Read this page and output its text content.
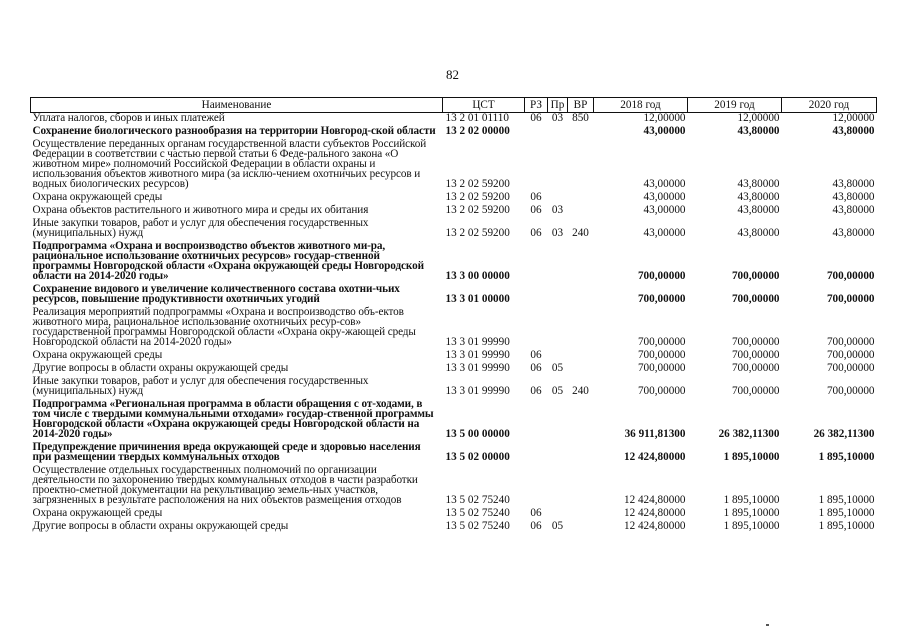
82
Наименование	ЦСТ	РЗ	Пр	ВР	2018 год	2019 год	2020 год
Уплата налогов, сборов и иных платежей	13 2 01 01110	06	03	850	12,00000	12,00000	12,00000
Сохранение биологического разнообразия на территории Новгород-ской области	13 2 02 00000				43,00000	43,80000	43,80000
Осуществление переданных органам государственной власти субъектов Российской Федерации в соответствии с частью первой статьи 6 Феде-рального закона «О животном мире» полномочий Российской Федерации в области охраны и использования объектов животного мира (за исклю-чением охотничьих ресурсов и водных биологических ресурсов)	13 2 02 59200				43,00000	43,80000	43,80000
Охрана окружающей среды	13 2 02 59200	06			43,00000	43,80000	43,80000
Охрана объектов растительного и животного мира и среды их обитания	13 2 02 59200	06	03		43,00000	43,80000	43,80000
Иные закупки товаров, работ и услуг для обеспечения государственных (муниципальных) нужд	13 2 02 59200	06	03	240	43,00000	43,80000	43,80000
Подпрограмма «Охрана и воспроизводство объектов животного ми-ра, рациональное использование охотничьих ресурсов» государ-ственной программы Новгородской области «Охрана окружающей среды Новгородской области на 2014-2020 годы»	13 3 00 00000				700,00000	700,00000	700,00000
Сохранение видового и увеличение количественного состава охотни-чьих ресурсов, повышение продуктивности охотничьих угодий	13 3 01 00000				700,00000	700,00000	700,00000
Реализация мероприятий подпрограммы «Охрана и воспроизводство объ-ектов животного мира, рациональное использование охотничьих ресур-сов» государственной программы Новгородской области «Охрана окру-жающей среды Новгородской области на 2014-2020 годы»	13 3 01 99990				700,00000	700,00000	700,00000
Охрана окружающей среды	13 3 01 99990	06			700,00000	700,00000	700,00000
Другие вопросы в области охраны окружающей среды	13 3 01 99990	06	05		700,00000	700,00000	700,00000
Иные закупки товаров, работ и услуг для обеспечения государственных (муниципальных) нужд	13 3 01 99990	06	05	240	700,00000	700,00000	700,00000
Подпрограмма «Региональная программа в области обращения с от-ходами, в том числе с твердыми коммунальными отходами» государ-ственной программы Новгородской области «Охрана окружающей среды Новгородской области на 2014-2020 годы»	13 5 00 00000				36 911,81300	26 382,11300	26 382,11300
Предупреждение причинения вреда окружающей среде и здоровью населения при размещении твердых коммунальных отходов	13 5 02 00000				12 424,80000	1 895,10000	1 895,10000
Осуществление отдельных государственных полномочий по организации деятельности по захоронению твердых коммунальных отходов в части разработки проектно-сметной документации на рекультивацию земель-ных участков, загрязненных в результате расположения на них объектов размещения отходов	13 5 02 75240				12 424,80000	1 895,10000	1 895,10000
Охрана окружающей среды	13 5 02 75240	06			12 424,80000	1 895,10000	1 895,10000
Другие вопросы в области охраны окружающей среды	13 5 02 75240	06	05		12 424,80000	1 895,10000	1 895,10000
